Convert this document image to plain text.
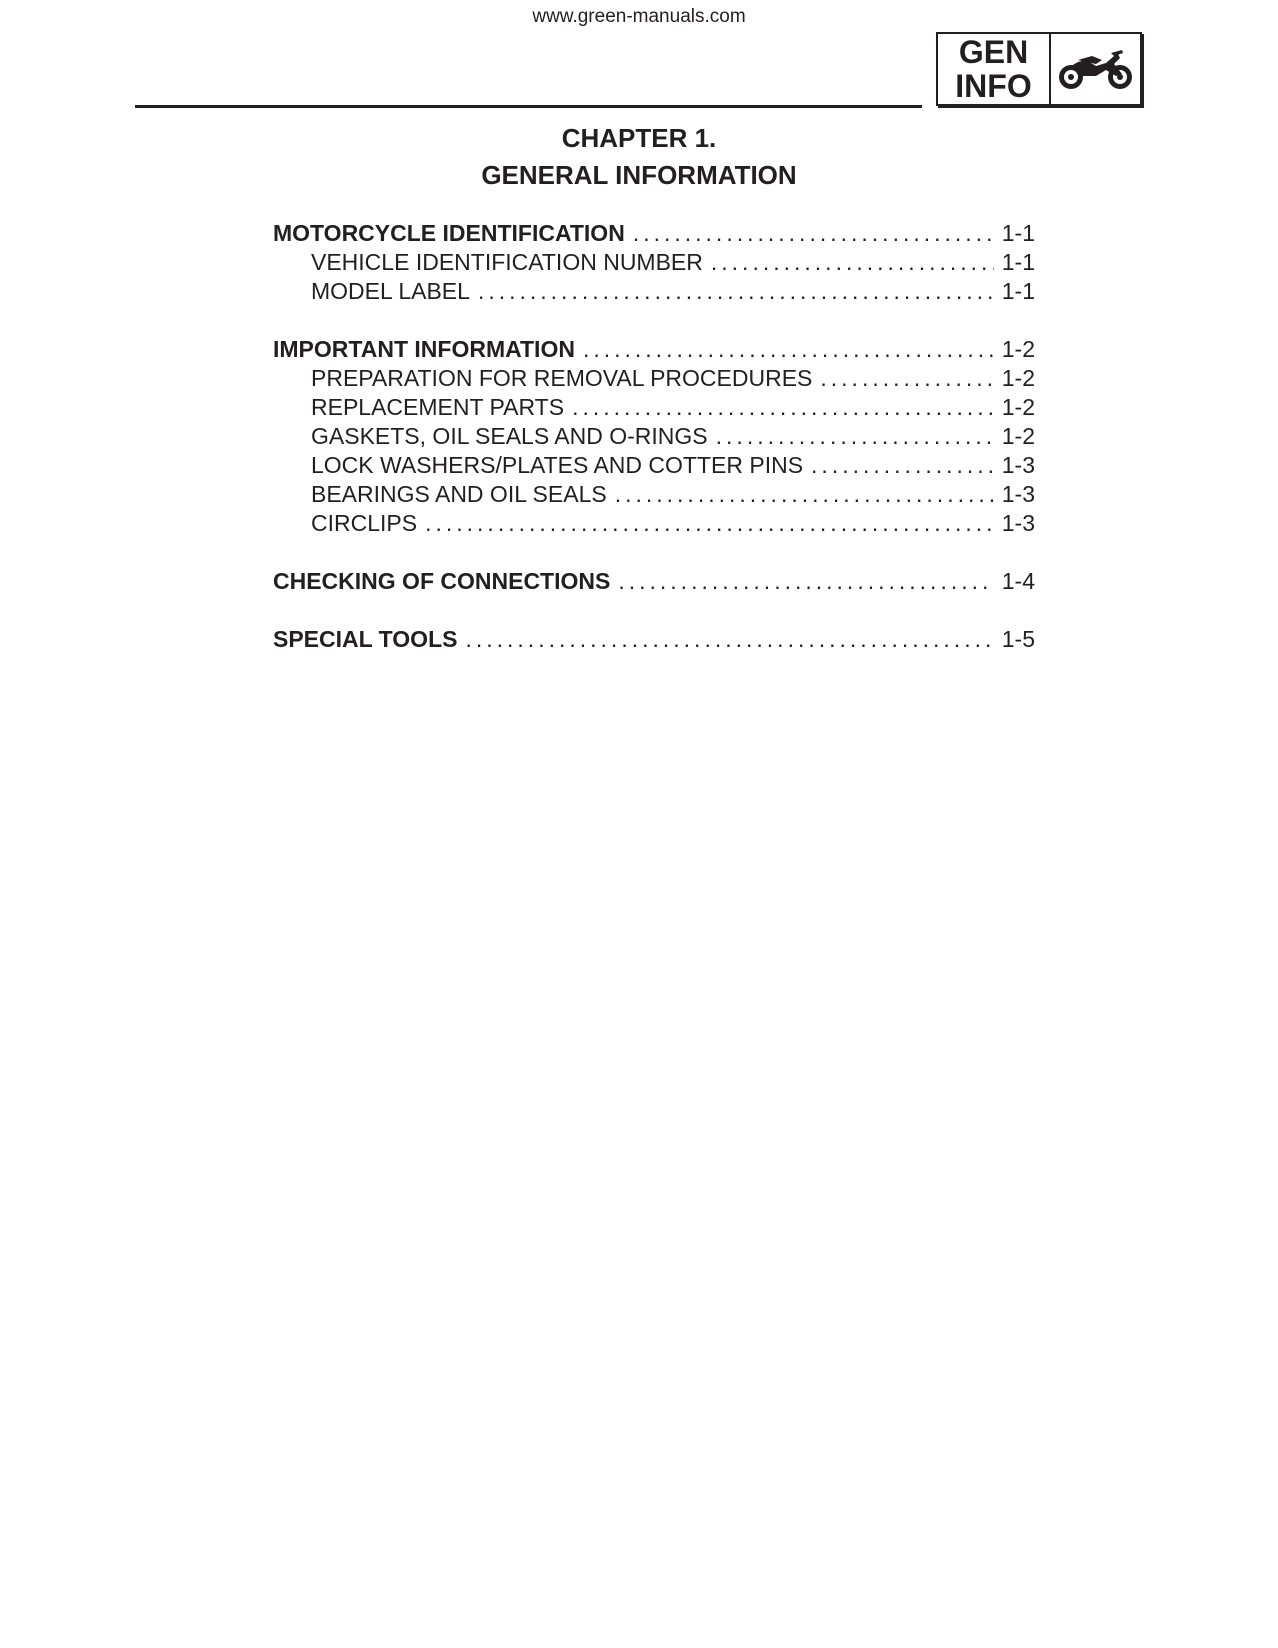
www.green-manuals.com
GEN
INFO
CHAPTER 1.
GENERAL INFORMATION
MOTORCYCLE IDENTIFICATION .....	1-1
VEHICLE IDENTIFICATION NUMBER .....	1-1
MODEL LABEL .....	1-1
IMPORTANT INFORMATION .....	1-2
PREPARATION FOR REMOVAL PROCEDURES .....	1-2
REPLACEMENT PARTS .....	1-2
GASKETS, OIL SEALS AND O-RINGS .....	1-2
LOCK WASHERS/PLATES AND COTTER PINS .....	1-3
BEARINGS AND OIL SEALS .....	1-3
CIRCLIPS .....	1-3
CHECKING OF CONNECTIONS .....	1-4
SPECIAL TOOLS .....	1-5
